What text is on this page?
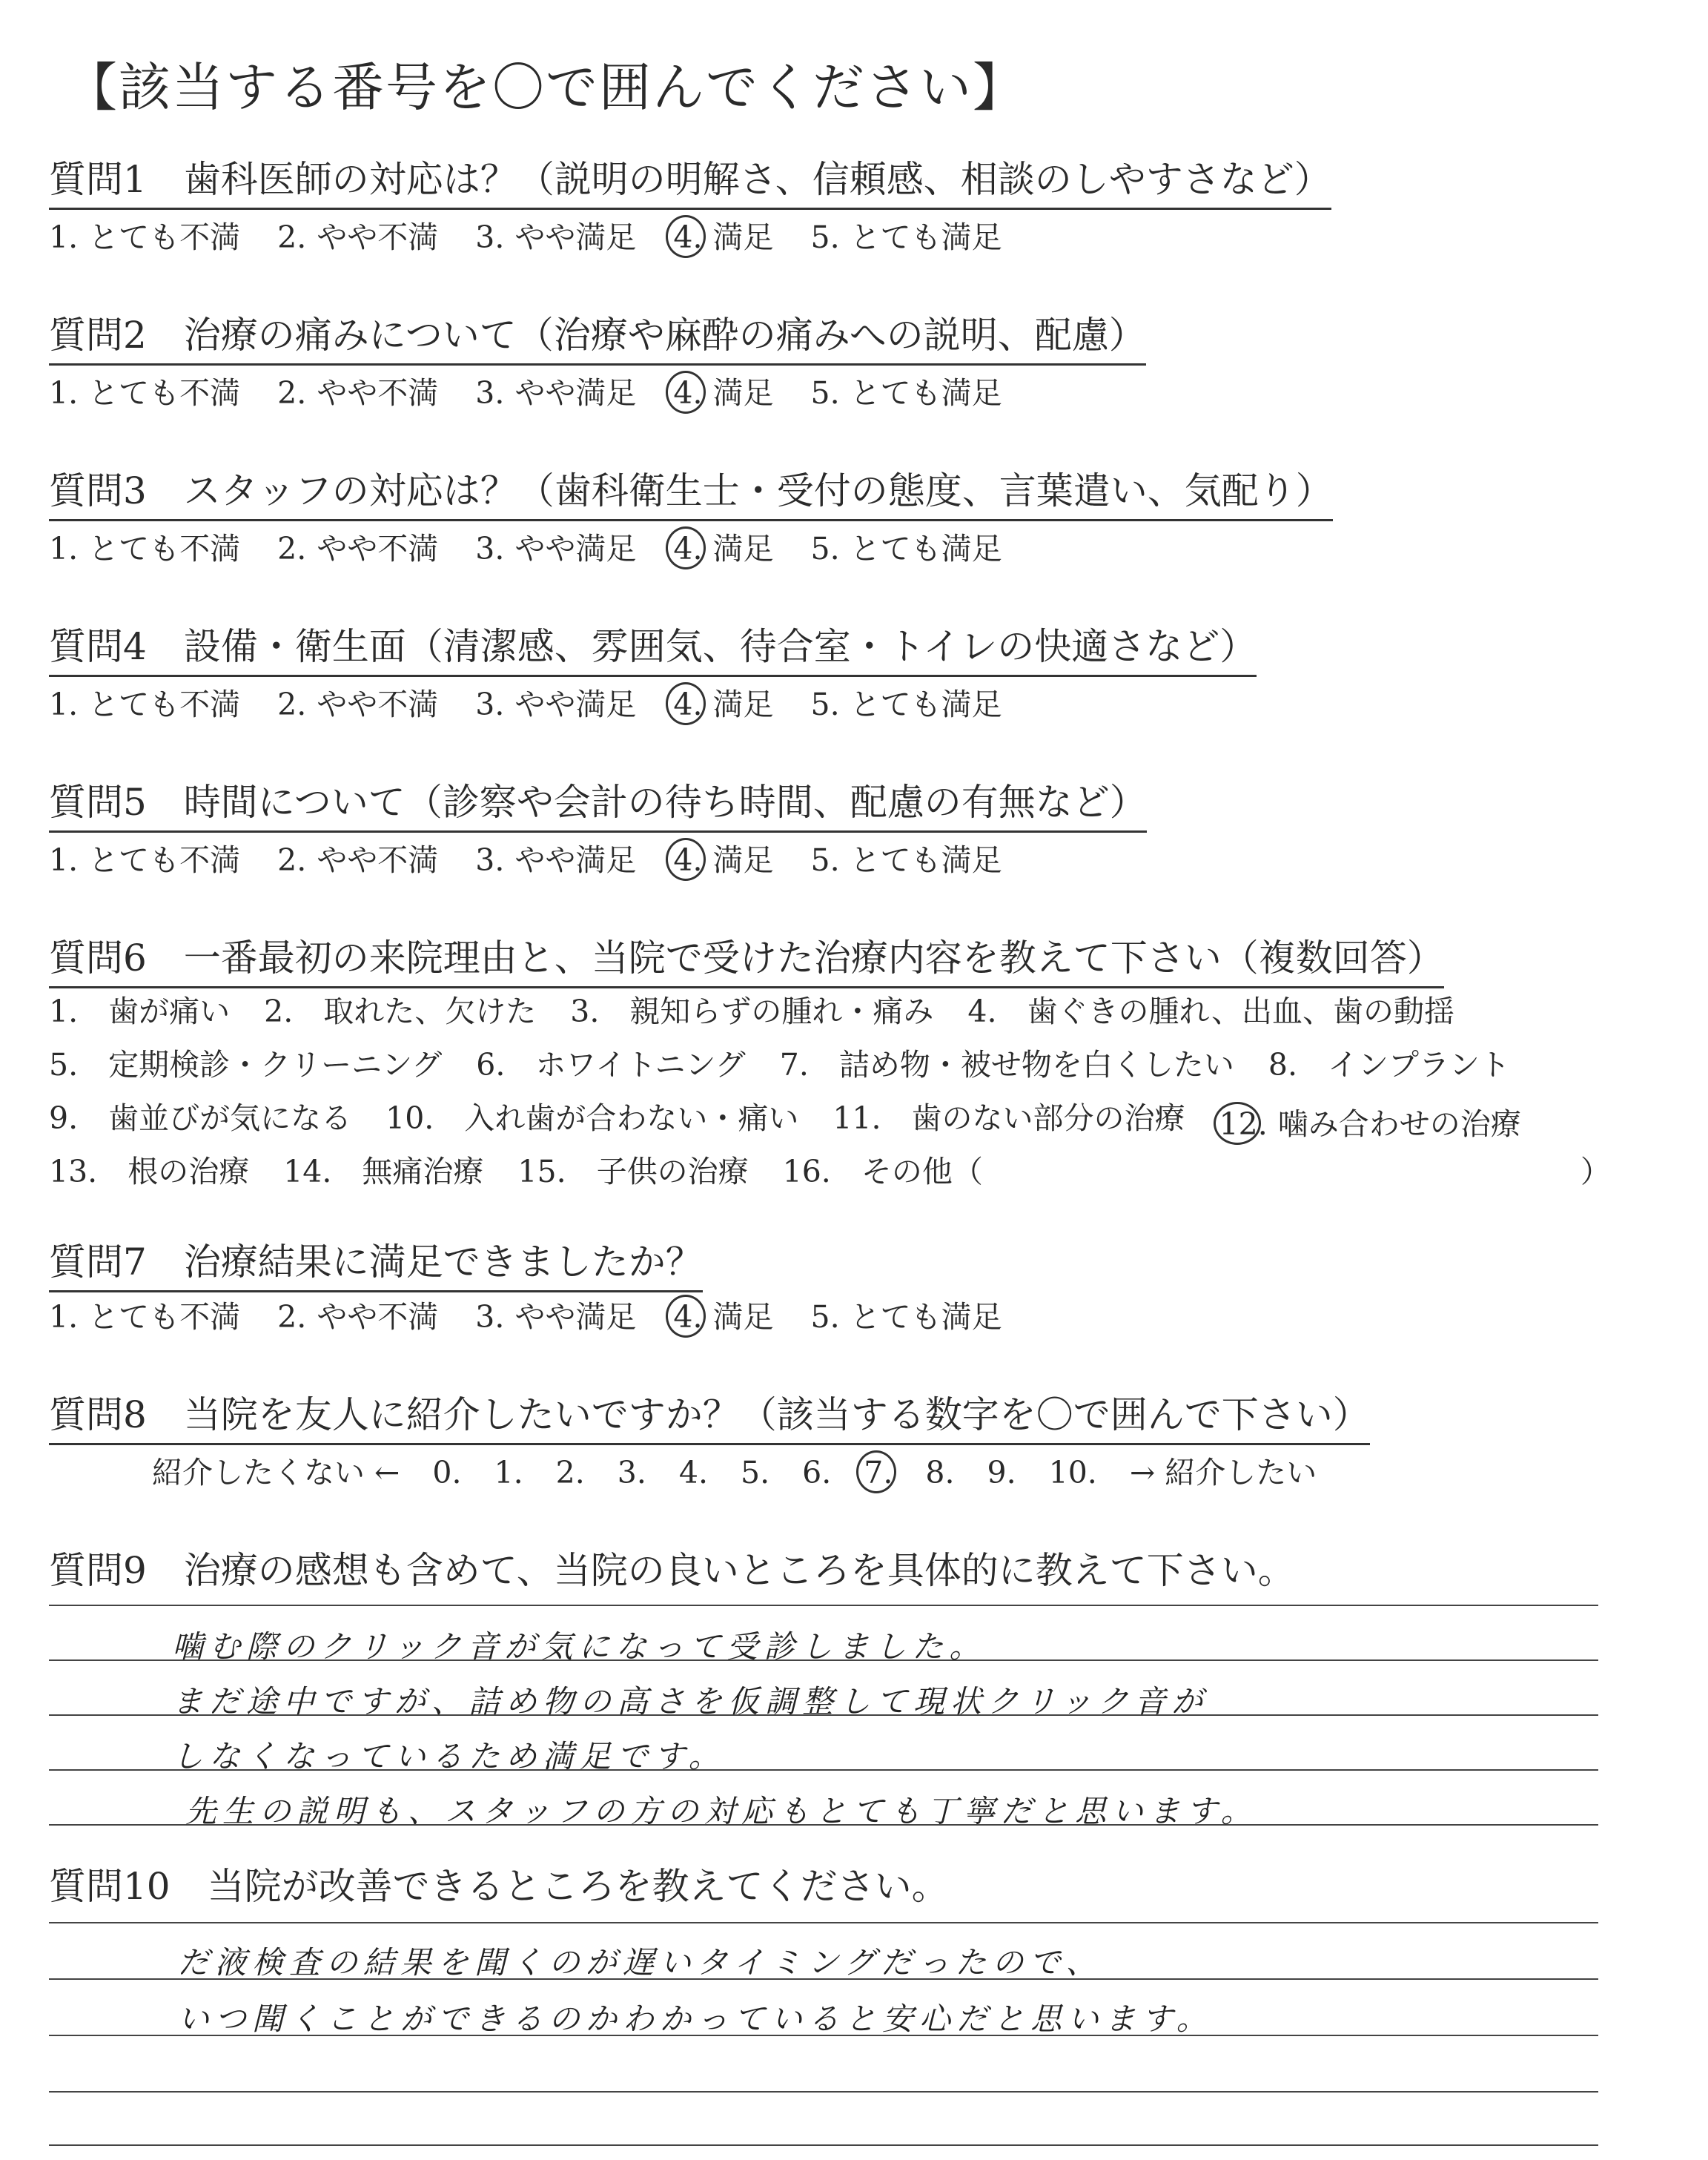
【該当する番号を〇で囲んでください】
質問1　歯科医師の対応は？（説明の明解さ、信頼感、相談のしやすさなど）
1. とても不満 2. やや不満 3. やや満足 4. 満足 5. とても満足
質問2　治療の痛みについて（治療や麻酔の痛みへの説明、配慮）
1. とても不満 2. やや不満 3. やや満足 4. 満足 5. とても満足
質問3　スタッフの対応は？（歯科衛生士・受付の態度、言葉遣い、気配り）
1. とても不満 2. やや不満 3. やや満足 4. 満足 5. とても満足
質問4　設備・衛生面（清潔感、雰囲気、待合室・トイレの快適さなど）
1. とても不満 2. やや不満 3. やや満足 4. 満足 5. とても満足
質問5　時間について（診察や会計の待ち時間、配慮の有無など）
1. とても不満 2. やや不満 3. やや満足 4. 満足 5. とても満足
質問6　一番最初の来院理由と、当院で受けた治療内容を教えて下さい（複数回答）
1.　歯が痛い 2.　取れた、欠けた 3.　親知らずの腫れ・痛み 4.　歯ぐきの腫れ、出血、歯の動揺
5.　定期検診・クリーニング 6.　ホワイトニング 7.　詰め物・被せ物を白くしたい 8.　インプラント
9.　歯並びが気になる 10.　入れ歯が合わない・痛い 11.　歯のない部分の治療 12. 噛み合わせの治療
13.　根の治療 14.　無痛治療 15.　子供の治療 16.　その他（	）
質問7　治療結果に満足できましたか？
1. とても不満 2. やや不満 3. やや満足 4. 満足 5. とても満足
質問8　当院を友人に紹介したいですか？（該当する数字を〇で囲んで下さい）
紹介したくない ← 0. 1. 2. 3. 4. 5. 6. 7. 8. 9. 10. → 紹介したい
質問9　治療の感想も含めて、当院の良いところを具体的に教えて下さい。
噛む際のクリック音が気になって受診しました。
まだ途中ですが、詰め物の高さを仮調整して現状クリック音が
しなくなっているため満足です。
先生の説明も、スタッフの方の対応もとても丁寧だと思います。
質問10　当院が改善できるところを教えてください。
だ液検査の結果を聞くのが遅いタイミングだったので、
いつ聞くことができるのかわかっていると安心だと思います。
